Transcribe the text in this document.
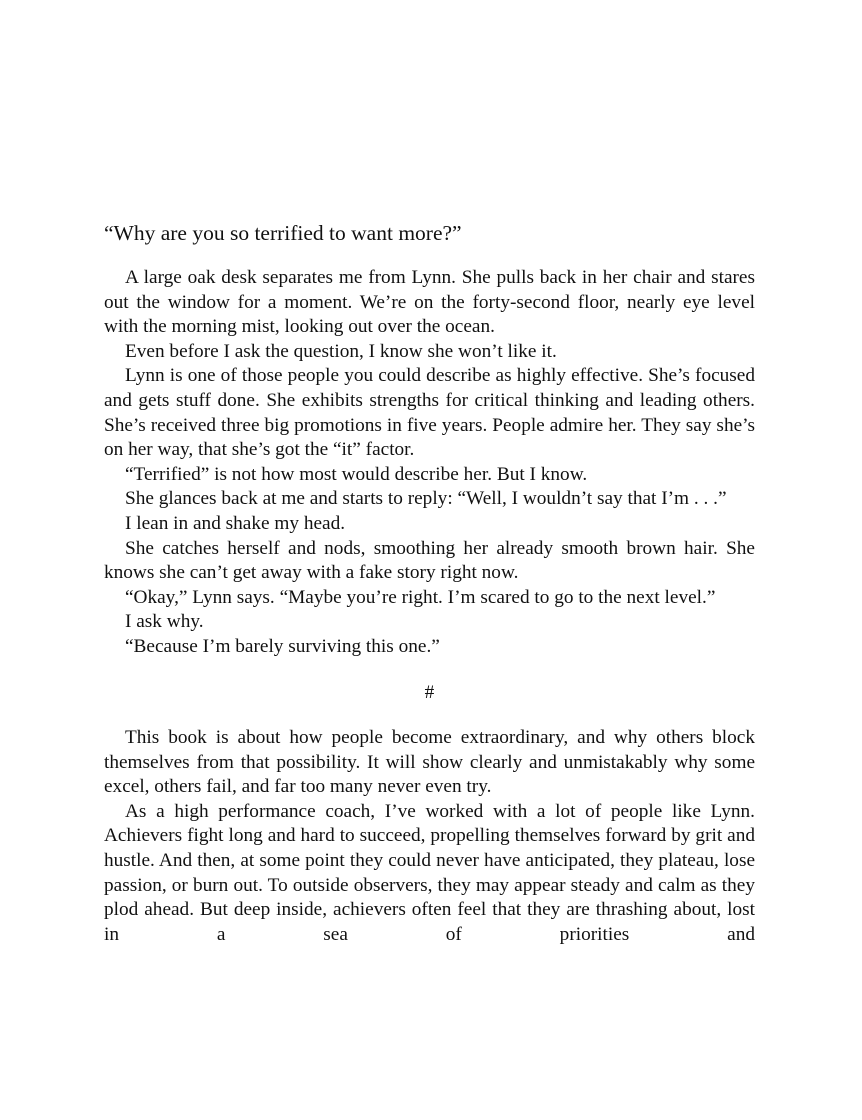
“Why are you so terrified to want more?”

A large oak desk separates me from Lynn. She pulls back in her chair and stares out the window for a moment. We’re on the forty-second floor, nearly eye level with the morning mist, looking out over the ocean.

Even before I ask the question, I know she won’t like it.

Lynn is one of those people you could describe as highly effective. She’s focused and gets stuff done. She exhibits strengths for critical thinking and leading others. She’s received three big promotions in five years. People admire her. They say she’s on her way, that she’s got the “it” factor.

“Terrified” is not how most would describe her. But I know.

She glances back at me and starts to reply: “Well, I wouldn’t say that I’m . . .”

I lean in and shake my head.

She catches herself and nods, smoothing her already smooth brown hair. She knows she can’t get away with a fake story right now.

“Okay,” Lynn says. “Maybe you’re right. I’m scared to go to the next level.”

I ask why.

“Because I’m barely surviving this one.”

#

This book is about how people become extraordinary, and why others block themselves from that possibility. It will show clearly and unmistakably why some excel, others fail, and far too many never even try.

As a high performance coach, I’ve worked with a lot of people like Lynn. Achievers fight long and hard to succeed, propelling themselves forward by grit and hustle. And then, at some point they could never have anticipated, they plateau, lose passion, or burn out. To outside observers, they may appear steady and calm as they plod ahead. But deep inside, achievers often feel that they are thrashing about, lost in a sea of priorities and
